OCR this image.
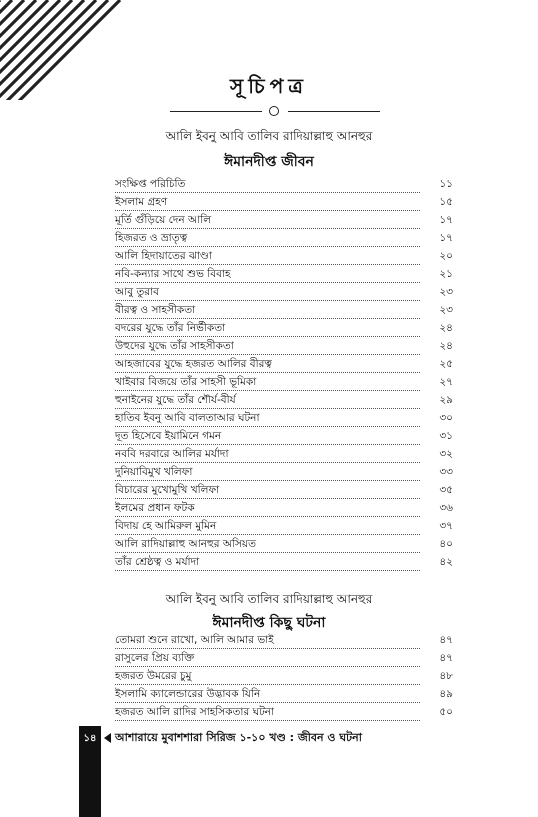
সূচিপত্র
আলি ইবনু আবি তালিব রাদিয়াল্লাহু আনহুর
ঈমানদীপ্ত জীবন
সংক্ষিপ্ত পরিচিতি	১১
ইসলাম গ্রহণ	১৫
মূর্তি গুঁড়িয়ে দেন আলি	১৭
হিজরত ও ভ্রাতৃত্ব	১৭
আলি হিদায়াতের ঝাণ্ডা	২০
নবি-কন্যার সাথে শুভ বিবাহ	২১
আবু তুরাব	২৩
বীরত্ব ও সাহসীকতা	২৩
বদরের যুদ্ধে তাঁর নির্ভীকতা	২৪
উহুদের যুদ্ধে তাঁর সাহসীকতা	২৪
আহজাবের যুদ্ধে হজরত আলির বীরত্ব	২৫
খাইবার বিজয়ে তাঁর সাহসী ভূমিকা	২৭
হুনাইনের যুদ্ধে তাঁর শৌর্য-বীর্য	২৯
হাতিব ইবনু আবি বালতাআর ঘটনা	৩০
দূত হিসেবে ইয়ামিনে গমন	৩১
নববি দরবারে আলির মর্যাদা	৩২
দুনিয়াবিমুখ খলিফা	৩৩
বিচারের মুখোমুখি খলিফা	৩৫
ইলমের প্রধান ফটক	৩৬
বিদায় হে আমিরুল মুমিন	৩৭
আলি রাদিয়াল্লাহু আনহুর অসিয়ত	৪০
তাঁর শ্রেষ্ঠত্ব ও মর্যাদা	৪২
আলি ইবনু আবি তালিব রাদিয়াল্লাহু আনহুর
ঈমানদীপ্ত কিছু ঘটনা
তোমরা শুনে রাখো, আলি আমার ভাই	৪৭
রাসুলের প্রিয় ব্যক্তি	৪৭
হজরত উমরের চুমু	৪৮
ইসলামি ক্যালেন্ডারের উদ্ভাবক যিনি	৪৯
হজরত আলি রাদির সাহসিকতার ঘটনা	৫০
১৪	আশারায়ে মুবাশশারা সিরিজ ১-১০ খণ্ড : জীবন ও ঘটনা
